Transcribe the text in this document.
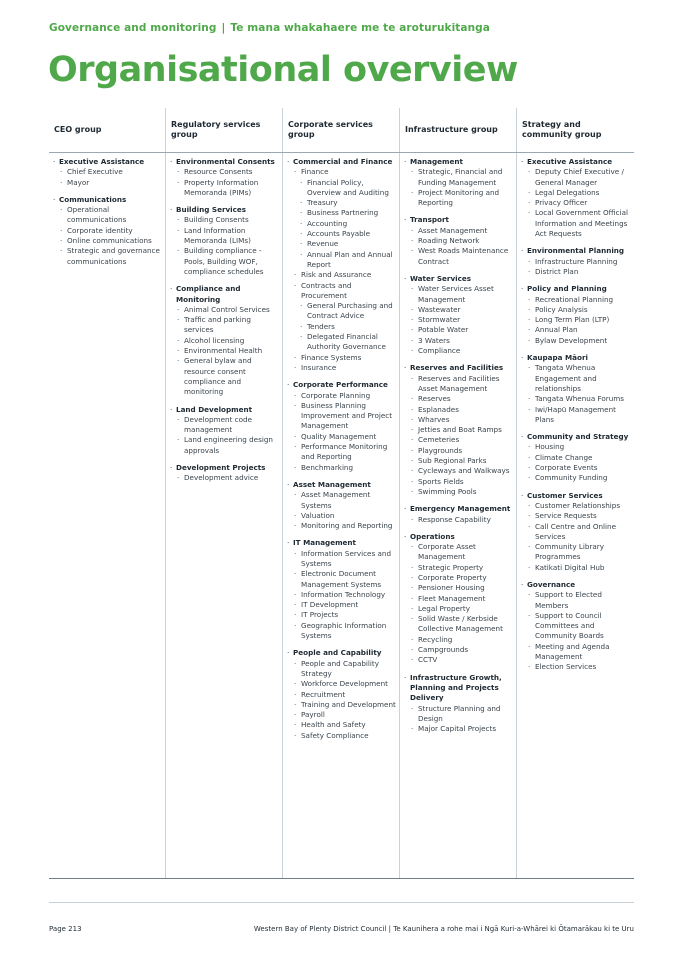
Governance and monitoring | Te mana whakahaere me te aroturukitanga
Organisational overview
CEO group
· Executive Assistance
· Chief Executive
· Mayor
· Communications
· Operational communications
· Corporate identity
· Online communications
· Strategic and governance communications
Regulatory services group
· Environmental Consents
· Resource Consents
· Property Information Memoranda (PIMs)
· Building Services
· Building Consents
· Land Information Memoranda (LIMs)
· Building compliance -Pools, Building WOF, compliance schedules
· Compliance and Monitoring
· Animal Control Services
· Traffic and parking services
· Alcohol licensing
· Environmental Health
· General bylaw and resource consent compliance and monitoring
· Land Development
· Development code management
· Land engineering design approvals
· Development Projects
· Development advice
Corporate services group
· Commercial and Finance
· Finance
· Financial Policy, Overview and Auditing
· Treasury
· Business Partnering
· Accounting
· Accounts Payable
· Revenue
· Annual Plan and Annual Report
· Risk and Assurance
· Contracts and Procurement
· General Purchasing and Contract Advice
· Tenders
· Delegated Financial Authority Governance
· Finance Systems
· Insurance
· Corporate Performance
· Corporate Planning
· Business Planning Improvement and Project Management
· Quality Management
· Performance Monitoring and Reporting
· Benchmarking
· Asset Management
· Asset Management Systems
· Valuation
· Monitoring and Reporting
· IT Management
· Information Services and Systems
· Electronic Document Management Systems
· Information Technology
· IT Development
· IT Projects
· Geographic Information Systems
· People and Capability
· People and Capability Strategy
· Workforce Development
· Recruitment
· Training and Development
· Payroll
· Health and Safety
· Safety Compliance
Infrastructure group
· Management
· Strategic, Financial and Funding Management
· Project Monitoring and Reporting
· Transport
· Asset Management
· Roading Network
· West Roads Maintenance Contract
· Water Services
· Water Services Asset Management
· Wastewater
· Stormwater
· Potable Water
· 3 Waters
· Compliance
· Reserves and Facilities
· Reserves and Facilities Asset Management
· Reserves
· Esplanades
· Wharves
· Jetties and Boat Ramps
· Cemeteries
· Playgrounds
· Sub Regional Parks
· Cycleways and Walkways
· Sports Fields
· Swimming Pools
· Emergency Management
· Response Capability
· Operations
· Corporate Asset Management
· Strategic Property
· Corporate Property
· Pensioner Housing
· Fleet Management
· Legal Property
· Solid Waste / Kerbside Collective Management
· Recycling
· Campgrounds
· CCTV
· Infrastructure Growth, Planning and Projects Delivery
· Structure Planning and Design
· Major Capital Projects
Strategy and community group
· Executive Assistance
· Deputy Chief Executive / General Manager
· Legal Delegations
· Privacy Officer
· Local Government Official Information and Meetings Act Requests
· Environmental Planning
· Infrastructure Planning
· District Plan
· Policy and Planning
· Recreational Planning
· Policy Analysis
· Long Term Plan (LTP)
· Annual Plan
· Bylaw Development
· Kaupapa Māori
· Tangata Whenua Engagement and relationships
· Tangata Whenua Forums
· Iwi/Hapū Management Plans
· Community and Strategy
· Housing
· Climate Change
· Corporate Events
· Community Funding
· Customer Services
· Customer Relationships
· Service Requests
· Call Centre and Online Services
· Community Library Programmes
· Katikati Digital Hub
· Governance
· Support to Elected Members
· Support to Council Committees and Community Boards
· Meeting and Agenda Management
· Election Services
Page 213	Western Bay of Plenty District Council | Te Kaunihera a rohe mai i Ngā Kuri-a-Whārei ki Ōtamarākau ki te Uru
